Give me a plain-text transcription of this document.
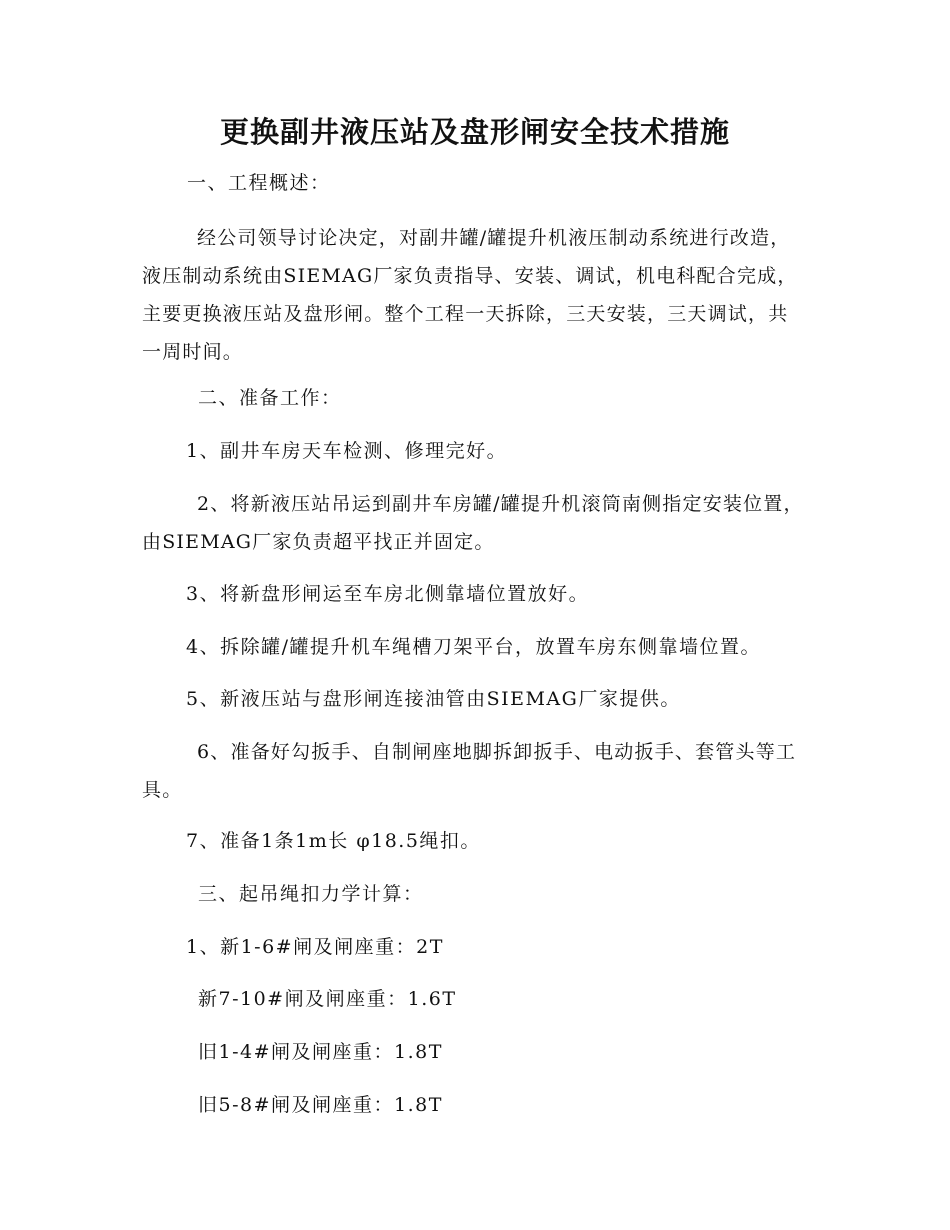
更换副井液压站及盘形闸安全技术措施
一、工程概述：
经公司领导讨论决定，对副井罐/罐提升机液压制动系统进行改造，液压制动系统由SIEMAG厂家负责指导、安装、调试，机电科配合完成，主要更换液压站及盘形闸。整个工程一天拆除，三天安装，三天调试，共一周时间。
二、准备工作：
1、副井车房天车检测、修理完好。
2、将新液压站吊运到副井车房罐/罐提升机滚筒南侧指定安装位置，由SIEMAG厂家负责超平找正并固定。
3、将新盘形闸运至车房北侧靠墙位置放好。
4、拆除罐/罐提升机车绳槽刀架平台，放置车房东侧靠墙位置。
5、新液压站与盘形闸连接油管由SIEMAG厂家提供。
6、准备好勾扳手、自制闸座地脚拆卸扳手、电动扳手、套管头等工具。
7、准备1条1m长 φ18.5绳扣。
三、起吊绳扣力学计算：
1、新1-6#闸及闸座重：2T
新7-10#闸及闸座重：1.6T
旧1-4#闸及闸座重：1.8T
旧5-8#闸及闸座重：1.8T
